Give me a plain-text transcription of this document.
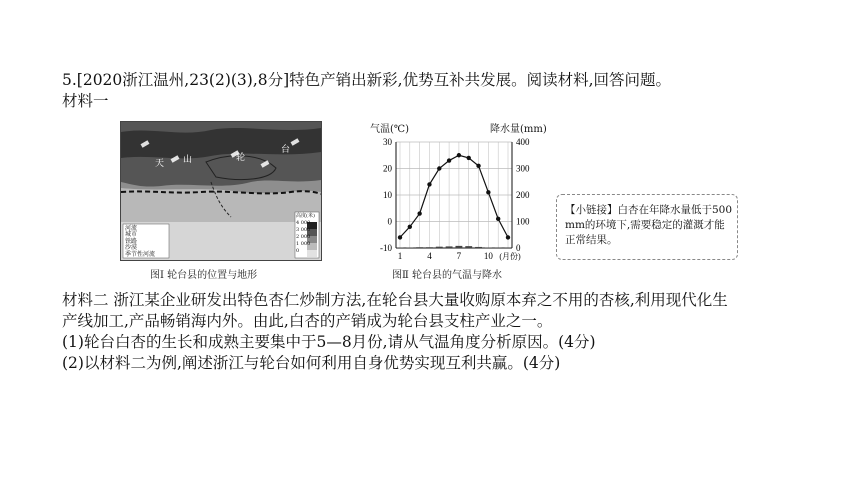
5.[2020浙江温州,23(2)(3),8分]特色产销出新彩,优势互补共发展。阅读材料,回答问题。
材料一
天 山	轮
台
河流
城市
铁路
沙漠
季节性河流
高度(米)
4 000
3 000
2 000
1 000
0
图Ⅰ 轮台县的位置与地形
30
20
10
0
-10
400
300
200
100
0
1	4	7	10 (月份)
气温(℃)	降水量(mm)
图Ⅱ 轮台县的气温与降水
【小链接】白杏在年降水量低于500 mm的环境下,需要稳定的灌溉才能正常结果。
材料二 浙江某企业研发出特色杏仁炒制方法,在轮台县大量收购原本弃之不用的杏核,利用现代化生
产线加工,产品畅销海内外。由此,白杏的产销成为轮台县支柱产业之一。
(1)轮台白杏的生长和成熟主要集中于5—8月份,请从气温角度分析原因。(4分)
(2)以材料二为例,阐述浙江与轮台如何利用自身优势实现互利共赢。(4分)
